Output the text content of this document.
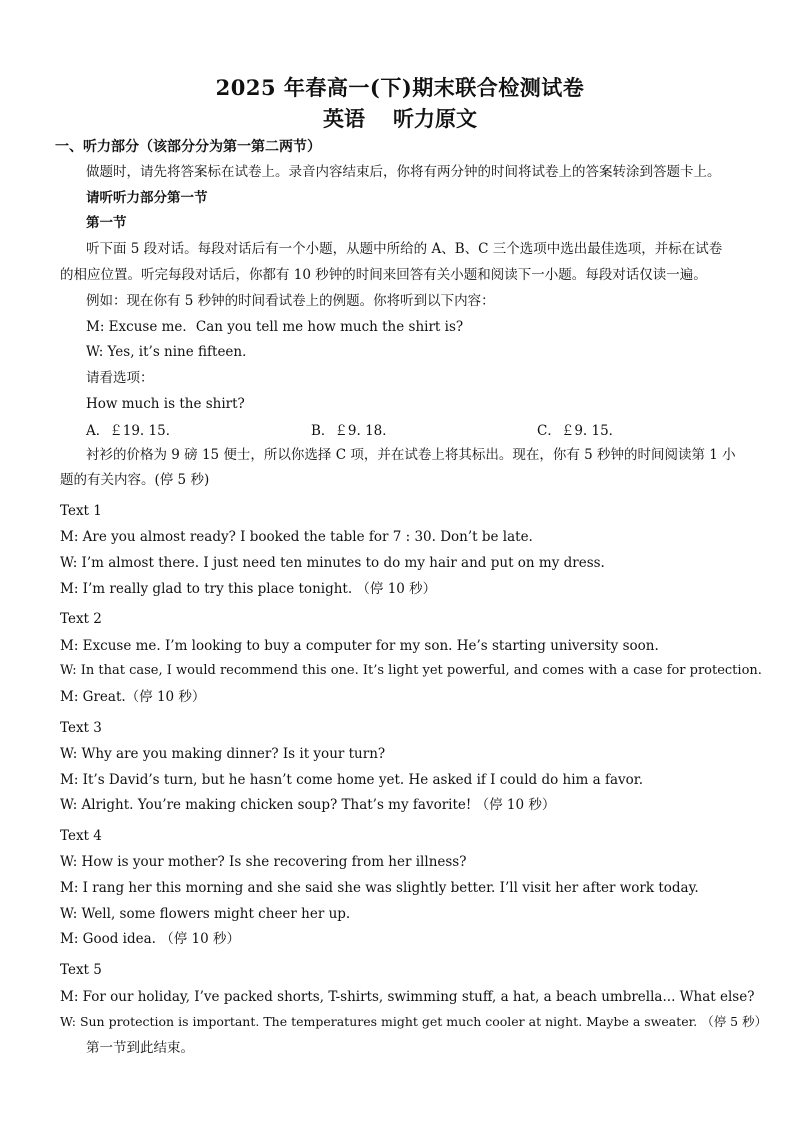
2025 年春高一(下)期末联合检测试卷
英语 听力原文
一、听力部分（该部分分为第一第二两节）
做题时，请先将答案标在试卷上。录音内容结束后，你将有两分钟的时间将试卷上的答案转涂到答题卡上。
请听听力部分第一节
第一节
听下面 5 段对话。每段对话后有一个小题，从题中所给的 A、B、C 三个选项中选出最佳选项，并标在试卷
的相应位置。听完每段对话后，你都有 10 秒钟的时间来回答有关小题和阅读下一小题。每段对话仅读一遍。
例如：现在你有 5 秒钟的时间看试卷上的例题。你将听到以下内容：
M: Excuse me．Can you tell me how much the shirt is?
W: Yes, it’s nine fifteen．
请看选项：
How much is the shirt?
A．￡19. 15．	B．￡9. 18．	C．￡9. 15．
衬衫的价格为 9 磅 15 便士，所以你选择 C 项，并在试卷上将其标出。现在，你有 5 秒钟的时间阅读第 1 小
题的有关内容。(停 5 秒)
Text 1
M: Are you almost ready? I booked the table for 7 : 30. Don’t be late.
W: I’m almost there. I just need ten minutes to do my hair and put on my dress.
M: I’m really glad to try this place tonight. （停 10 秒）
Text 2
M: Excuse me. I’m looking to buy a computer for my son. He’s starting university soon.
W: In that case, I would recommend this one. It’s light yet powerful, and comes with a case for protection.
M: Great.（停 10 秒）
Text 3
W: Why are you making dinner? Is it your turn?
M: It’s David’s turn, but he hasn’t come home yet. He asked if I could do him a favor.
W: Alright. You’re making chicken soup? That’s my favorite! （停 10 秒）
Text 4
W: How is your mother? Is she recovering from her illness?
M: I rang her this morning and she said she was slightly better. I’ll visit her after work today.
W: Well, some flowers might cheer her up.
M: Good idea. （停 10 秒）
Text 5
M: For our holiday, I’ve packed shorts, T-shirts, swimming stuff, a hat, a beach umbrella... What else?
W: Sun protection is important. The temperatures might get much cooler at night. Maybe a sweater. （停 5 秒）
第一节到此结束。
